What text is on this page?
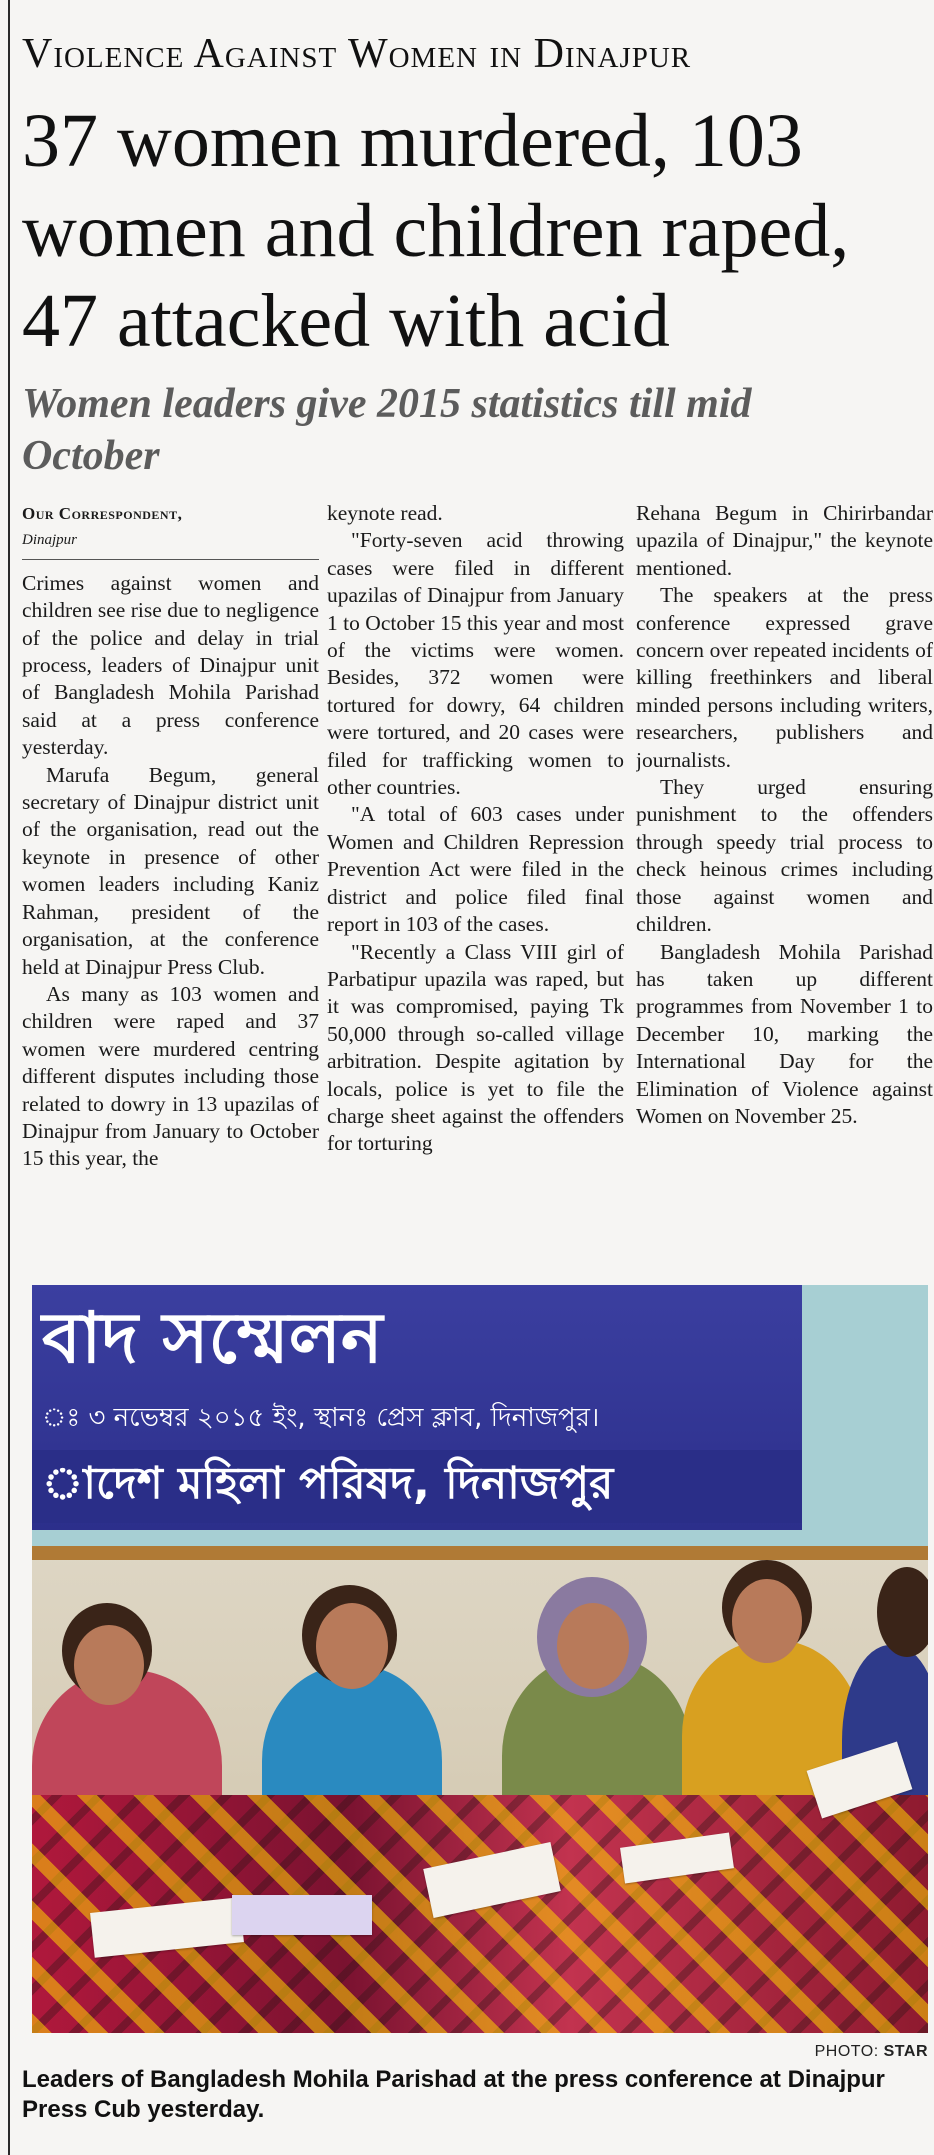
Violence Against Women in Dinajpur
37 women murdered, 103 women and children raped, 47 attacked with acid
Women leaders give 2015 statistics till mid October
Our Correspondent,
Dinajpur

Crimes against women and children see rise due to negligence of the police and delay in trial process, leaders of Dinajpur unit of Bangladesh Mohila Parishad said at a press conference yesterday.

Marufa Begum, general secretary of Dinajpur district unit of the organisation, read out the keynote in presence of other women leaders including Kaniz Rahman, president of the organisation, at the conference held at Dinajpur Press Club.

As many as 103 women and children were raped and 37 women were murdered centring different disputes including those related to dowry in 13 upazilas of Dinajpur from January to October 15 this year, the

keynote read.

"Forty-seven acid throwing cases were filed in different upazilas of Dinajpur from January 1 to October 15 this year and most of the victims were women. Besides, 372 women were tortured for dowry, 64 children were tortured, and 20 cases were filed for trafficking women to other countries.

"A total of 603 cases under Women and Children Repression Prevention Act were filed in the district and police filed final report in 103 of the cases.

"Recently a Class VIII girl of Parbatipur upazila was raped, but it was compromised, paying Tk 50,000 through so-called village arbitration. Despite agitation by locals, police is yet to file the charge sheet against the offenders for torturing

Rehana Begum in Chirirbandar upazila of Dinajpur," the keynote mentioned.

The speakers at the press conference expressed grave concern over repeated incidents of killing freethinkers and liberal minded persons including writers, researchers, publishers and journalists.

They urged ensuring punishment to the offenders through speedy trial process to check heinous crimes including those against women and children.

Bangladesh Mohila Parishad has taken up different programmes from November 1 to December 10, marking the International Day for the Elimination of Violence against Women on November 25.

বাদ সম্মেলন
ঃ ৩ নভেম্বর ২০১৫ ইং, স্থানঃ প্রেস ক্লাব, দিনাজপুর।
াদেশ মহিলা পরিষদ, দিনাজপুর
PHOTO: STAR
Leaders of Bangladesh Mohila Parishad at the press conference at Dinajpur Press Cub yesterday.
